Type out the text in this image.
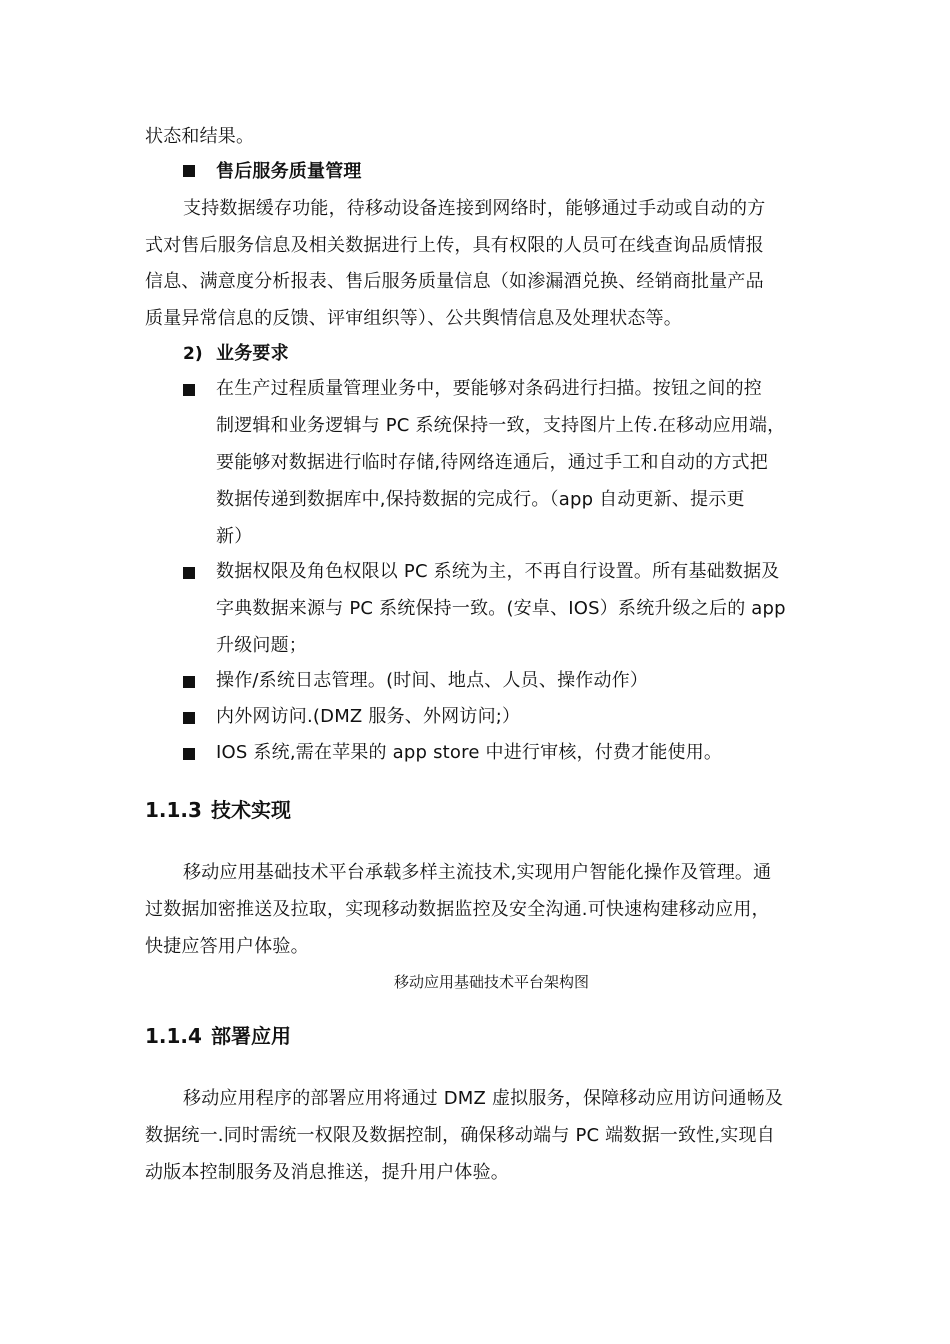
状态和结果。
售后服务质量管理
支持数据缓存功能，待移动设备连接到网络时，能够通过手动或自动的方
式对售后服务信息及相关数据进行上传，具有权限的人员可在线查询品质情报
信息、满意度分析报表、售后服务质量信息（如渗漏酒兑换、经销商批量产品
质量异常信息的反馈、评审组织等）、公共舆情信息及处理状态等。
2) 业务要求
在生产过程质量管理业务中，要能够对条码进行扫描。按钮之间的控
制逻辑和业务逻辑与 PC 系统保持一致，支持图片上传.在移动应用端，
要能够对数据进行临时存储,待网络连通后，通过手工和自动的方式把
数据传递到数据库中,保持数据的完成行。（app 自动更新、提示更
新）
数据权限及角色权限以 PC 系统为主，不再自行设置。所有基础数据及
字典数据来源与 PC 系统保持一致。(安卓、IOS）系统升级之后的 app
升级问题；
操作/系统日志管理。(时间、地点、人员、操作动作）
内外网访问.(DMZ 服务、外网访问;）
IOS 系统,需在苹果的 app store 中进行审核，付费才能使用。
1.1.3 技术实现
移动应用基础技术平台承载多样主流技术,实现用户智能化操作及管理。通
过数据加密推送及拉取，实现移动数据监控及安全沟通.可快速构建移动应用，
快捷应答用户体验。
移动应用基础技术平台架构图
1.1.4 部署应用
移动应用程序的部署应用将通过 DMZ 虚拟服务，保障移动应用访问通畅及
数据统一.同时需统一权限及数据控制，确保移动端与 PC 端数据一致性,实现自
动版本控制服务及消息推送，提升用户体验。
